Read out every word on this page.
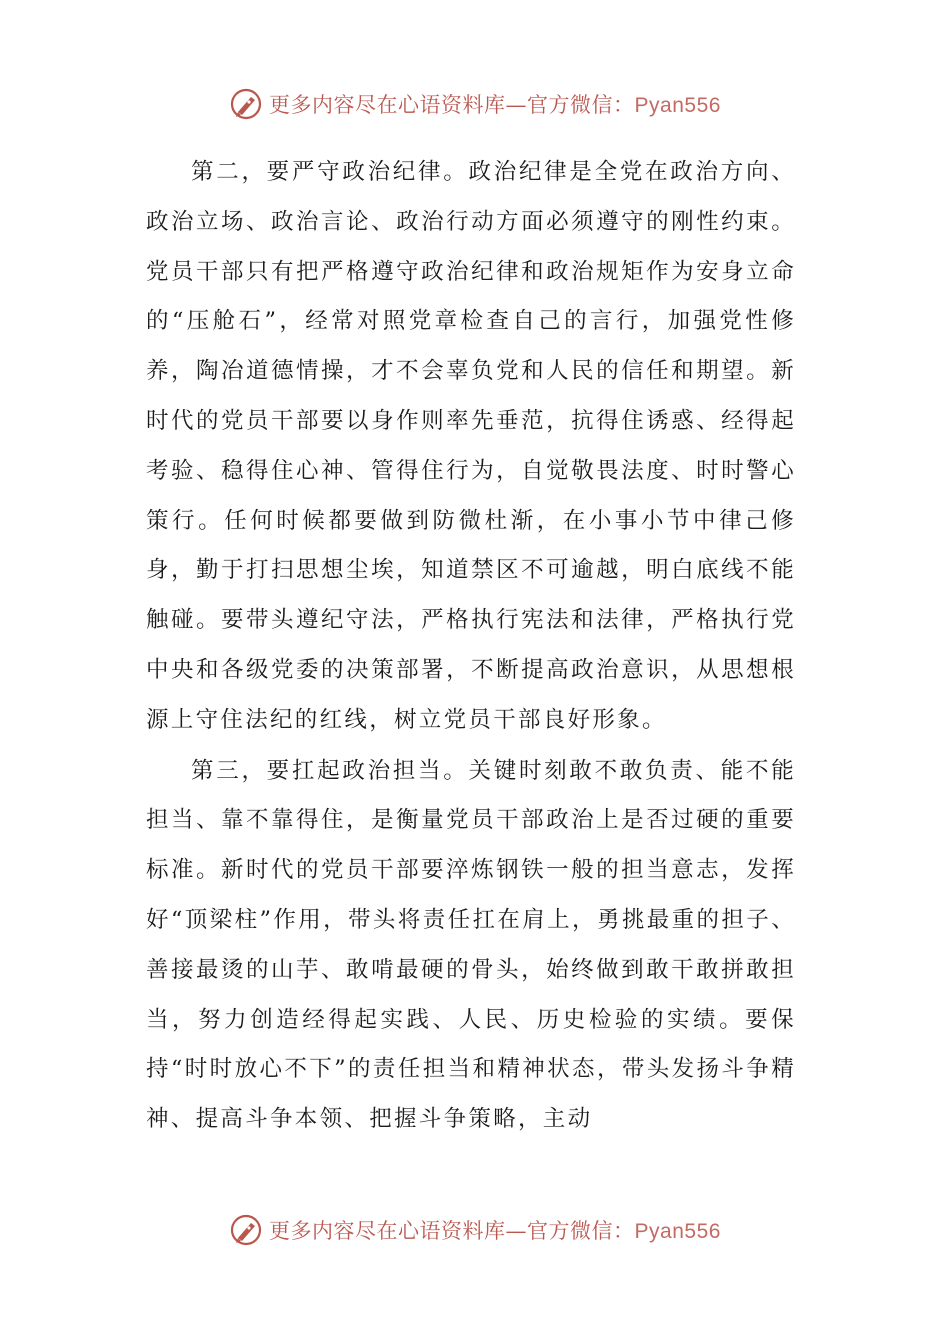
更多内容尽在心语资料库—官方微信：Pyan556

第二，要严守政治纪律。政治纪律是全党在政治方向、政治立场、政治言论、政治行动方面必须遵守的刚性约束。党员干部只有把严格遵守政治纪律和政治规矩作为安身立命的“压舱石”，经常对照党章检查自己的言行，加强党性修养，陶冶道德情操，才不会辜负党和人民的信任和期望。新时代的党员干部要以身作则率先垂范，抗得住诱惑、经得起考验、稳得住心神、管得住行为，自觉敬畏法度、时时警心策行。任何时候都要做到防微杜渐，在小事小节中律己修身，勤于打扫思想尘埃，知道禁区不可逾越，明白底线不能触碰。要带头遵纪守法，严格执行宪法和法律，严格执行党中央和各级党委的决策部署，不断提高政治意识，从思想根源上守住法纪的红线，树立党员干部良好形象。

第三，要扛起政治担当。关键时刻敢不敢负责、能不能担当、靠不靠得住，是衡量党员干部政治上是否过硬的重要标准。新时代的党员干部要淬炼钢铁一般的担当意志，发挥好“顶梁柱”作用，带头将责任扛在肩上，勇挑最重的担子、善接最烫的山芋、敢啃最硬的骨头，始终做到敢干敢拼敢担当，努力创造经得起实践、人民、历史检验的实绩。要保持“时时放心不下”的责任担当和精神状态，带头发扬斗争精神、提高斗争本领、把握斗争策略，主动

更多内容尽在心语资料库—官方微信：Pyan556
